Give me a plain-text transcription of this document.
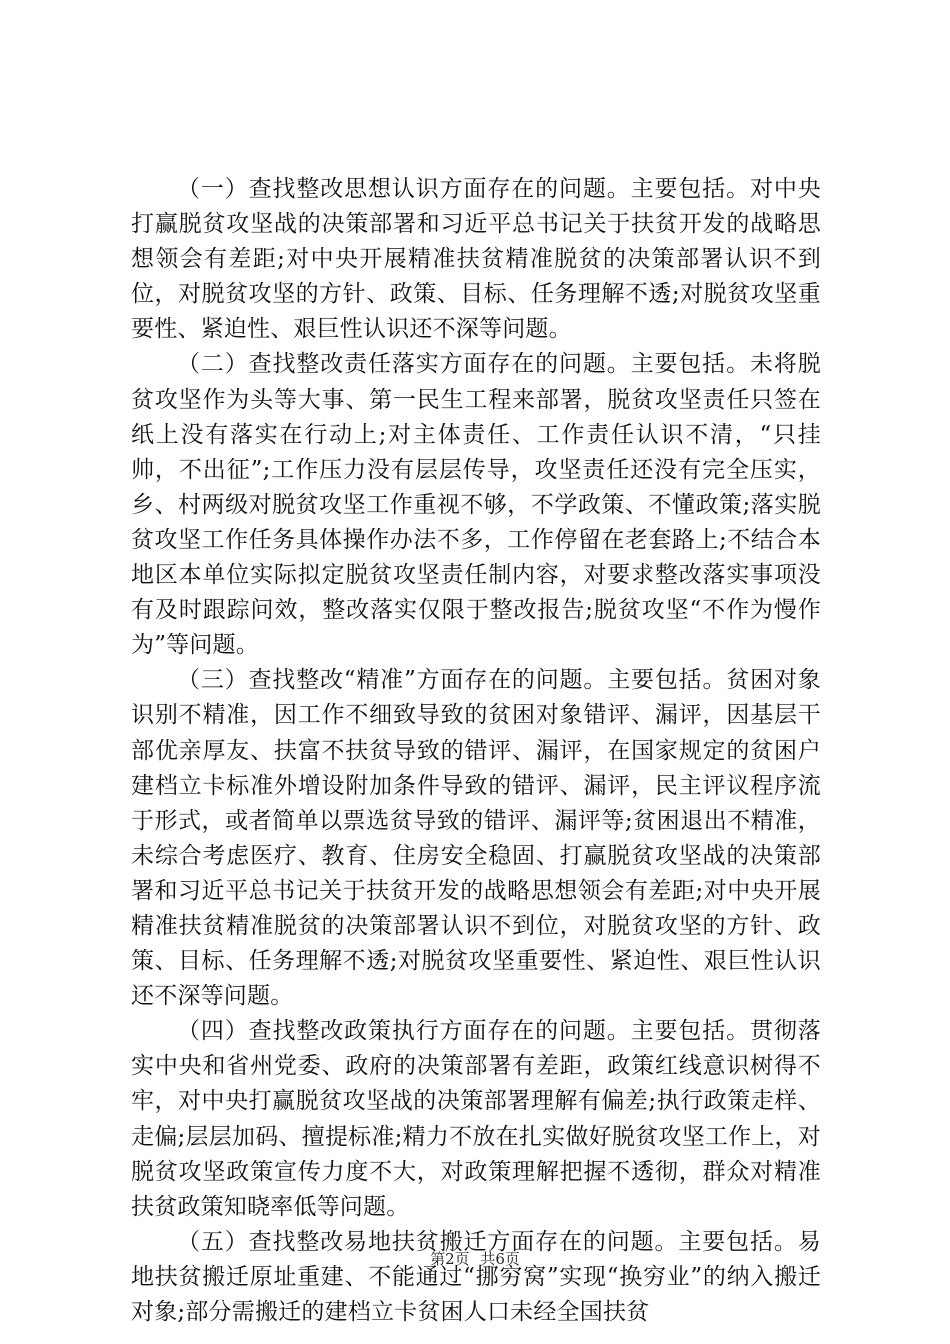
（一）查找整改思想认识方面存在的问题。主要包括。对中央打赢脱贫攻坚战的决策部署和习近平总书记关于扶贫开发的战略思想领会有差距;对中央开展精准扶贫精准脱贫的决策部署认识不到位，对脱贫攻坚的方针、政策、目标、任务理解不透;对脱贫攻坚重要性、紧迫性、艰巨性认识还不深等问题。

（二）查找整改责任落实方面存在的问题。主要包括。未将脱贫攻坚作为头等大事、第一民生工程来部署，脱贫攻坚责任只签在纸上没有落实在行动上;对主体责任、工作责任认识不清，“只挂帅，不出征”;工作压力没有层层传导，攻坚责任还没有完全压实，乡、村两级对脱贫攻坚工作重视不够，不学政策、不懂政策;落实脱贫攻坚工作任务具体操作办法不多，工作停留在老套路上;不结合本地区本单位实际拟定脱贫攻坚责任制内容，对要求整改落实事项没有及时跟踪问效，整改落实仅限于整改报告;脱贫攻坚“不作为慢作为”等问题。

（三）查找整改“精准”方面存在的问题。主要包括。贫困对象识别不精准，因工作不细致导致的贫困对象错评、漏评，因基层干部优亲厚友、扶富不扶贫导致的错评、漏评，在国家规定的贫困户建档立卡标准外增设附加条件导致的错评、漏评，民主评议程序流于形式，或者简单以票选贫导致的错评、漏评等;贫困退出不精准，未综合考虑医疗、教育、住房安全稳固、打赢脱贫攻坚战的决策部署和习近平总书记关于扶贫开发的战略思想领会有差距;对中央开展精准扶贫精准脱贫的决策部署认识不到位，对脱贫攻坚的方针、政策、目标、任务理解不透;对脱贫攻坚重要性、紧迫性、艰巨性认识还不深等问题。

（四）查找整改政策执行方面存在的问题。主要包括。贯彻落实中央和省州党委、政府的决策部署有差距，政策红线意识树得不牢，对中央打赢脱贫攻坚战的决策部署理解有偏差;执行政策走样、走偏;层层加码、擅提标准;精力不放在扎实做好脱贫攻坚工作上，对脱贫攻坚政策宣传力度不大，对政策理解把握不透彻，群众对精准扶贫政策知晓率低等问题。

（五）查找整改易地扶贫搬迁方面存在的问题。主要包括。易地扶贫搬迁原址重建、不能通过“挪穷窝”实现“换穷业”的纳入搬迁对象;部分需搬迁的建档立卡贫困人口未经全国扶贫

第2页 共6页
